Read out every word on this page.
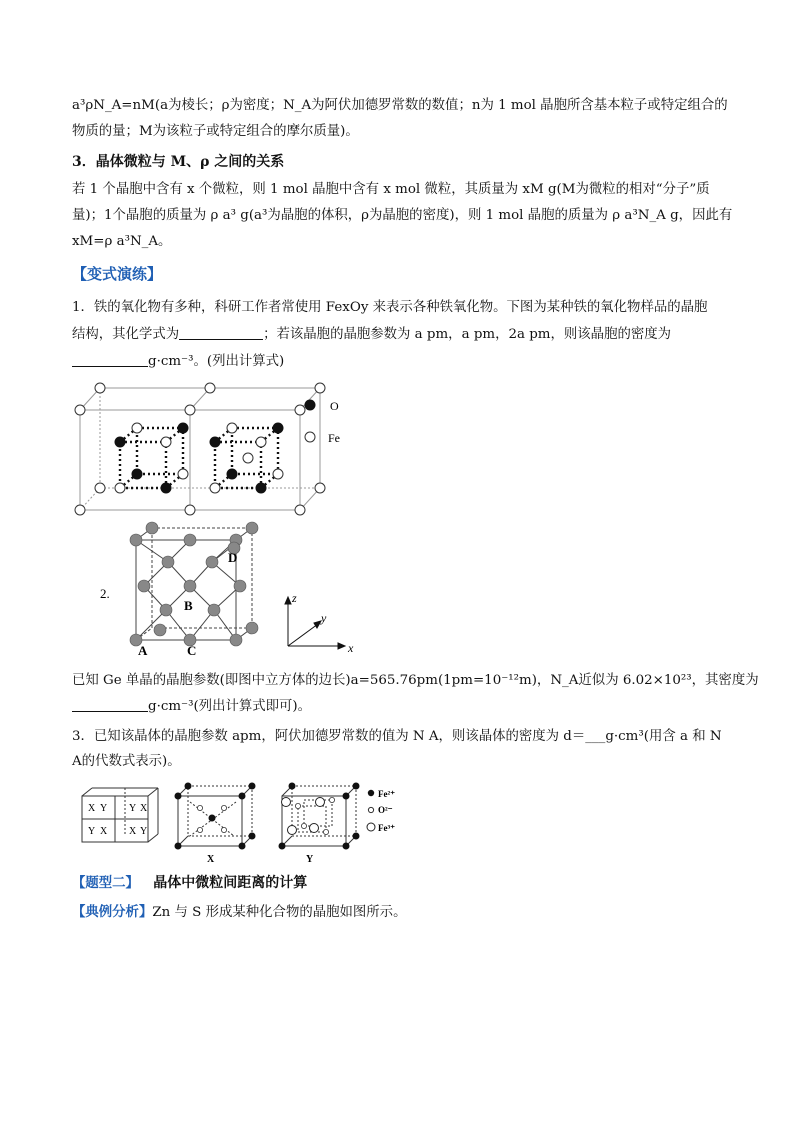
a³ρN_A=nM(a为棱长；ρ为密度；N_A为阿伏加德罗常数的数值；n为 1 mol 晶胞所含基本粒子或特定组合的
物质的量；M为该粒子或特定组合的摩尔质量)。
3．晶体微粒与 M、ρ 之间的关系
若 1 个晶胞中含有 x 个微粒，则 1 mol 晶胞中含有 x mol 微粒，其质量为 xM g(M为微粒的相对“分子”质
量)；1个晶胞的质量为 ρ a³ g(a³为晶胞的体积，ρ为晶胞的密度)，则 1 mol 晶胞的质量为 ρ a³N_A g，因此有
xM=ρ a³N_A。
【变式演练】
1．铁的氧化物有多种，科研工作者常使用 FexOy 来表示各种铁氧化物。下图为某种铁的氧化物样品的晶胞
结构，其化学式为	；若该晶胞的晶胞参数为 a pm，a pm，2a pm，则该晶胞的密度为
g·cm⁻³。(列出计算式)
O
Fe
2.
D
B
A	C
z
y
x
已知 Ge 单晶的晶胞参数(即图中立方体的边长)a=565.76pm(1pm=10⁻¹²m)，N_A近似为 6.02×10²³，其密度为
g·cm⁻³(列出计算式即可)。
3．已知该晶体的晶胞参数 apm，阿伏加德罗常数的值为 N A，则该晶体的密度为 d＝___g·cm³(用含 a 和 N
A的代数式表示)。
X Y Y X
Y X X Y
X	Y
Fe²⁺
O²⁻
Fe³⁺
【题型二】 晶体中微粒间距离的计算
【典例分析】Zn 与 S 形成某种化合物的晶胞如图所示。
